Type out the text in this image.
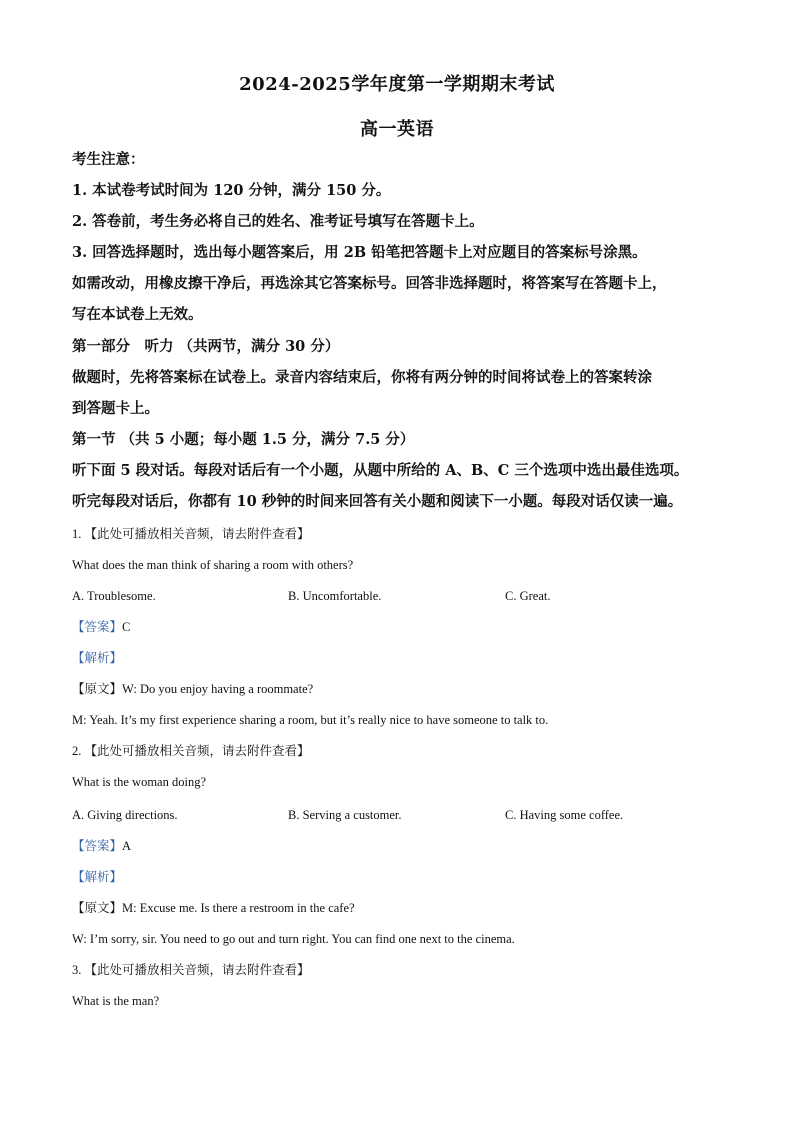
2024-2025学年度第一学期期末考试
高一英语
考生注意：
1. 本试卷考试时间为 120 分钟，满分 150 分。
2. 答卷前，考生务必将自己的姓名、准考证号填写在答题卡上。
3. 回答选择题时，选出每小题答案后，用 2B 铅笔把答题卡上对应题目的答案标号涂黑。
如需改动，用橡皮擦干净后，再选涂其它答案标号。回答非选择题时，将答案写在答题卡上，
写在本试卷上无效。
第一部分　听力 （共两节，满分 30 分）
做题时，先将答案标在试卷上。录音内容结束后，你将有两分钟的时间将试卷上的答案转涂
到答题卡上。
第一节 （共 5 小题；每小题 1.5 分，满分 7.5 分）
听下面 5 段对话。每段对话后有一个小题，从题中所给的 A、B、C 三个选项中选出最佳选项。
听完每段对话后，你都有 10 秒钟的时间来回答有关小题和阅读下一小题。每段对话仅读一遍。
1. 【此处可播放相关音频，请去附件查看】
What does the man think of sharing a room with others?
A. Troublesome.	B. Uncomfortable.	C. Great.
【答案】C
【解析】
【原文】W: Do you enjoy having a roommate?
M: Yeah. It’s my first experience sharing a room, but it’s really nice to have someone to talk to.
2. 【此处可播放相关音频，请去附件查看】
What is the woman doing?
A. Giving directions.	B. Serving a customer.	C. Having some coffee.
【答案】A
【解析】
【原文】M: Excuse me. Is there a restroom in the cafe?
W: I’m sorry, sir. You need to go out and turn right. You can find one next to the cinema.
3. 【此处可播放相关音频，请去附件查看】
What is the man?
